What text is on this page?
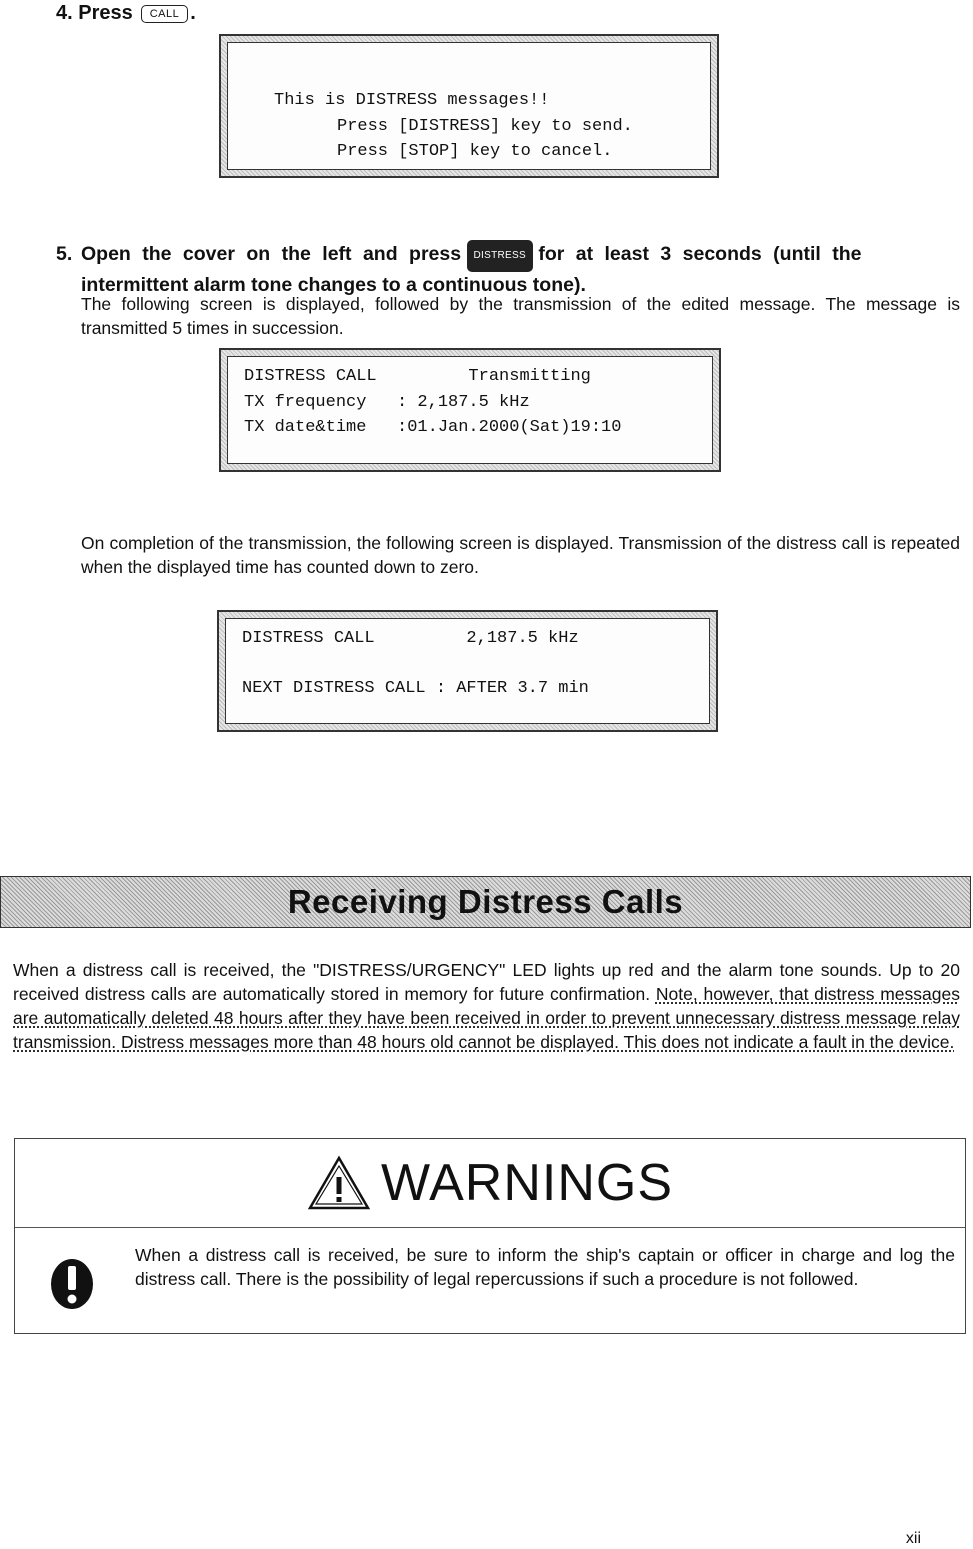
4. Press	CALL .

This is DISTRESS messages!!

Press [DISTRESS] key to send.

Press [STOP] key to cancel.

5. Open the cover on the left and press DISTRESS for at least 3 seconds (until the
intermittent alarm tone changes to a continuous tone).
The following screen is displayed, followed by the transmission of the edited message. The message is transmitted 5 times in succession.

DISTRESS CALL         Transmitting

TX frequency   : 2,187.5 kHz

TX date&time   :01.Jan.2000(Sat)19:10

On completion of the transmission, the following screen is displayed. Transmission of the distress call is repeated when the displayed time has counted down to zero.

DISTRESS CALL         2,187.5 kHz

NEXT DISTRESS CALL : AFTER 3.7 min

Receiving Distress Calls
When a distress call is received, the "DISTRESS/URGENCY" LED lights up red and the alarm tone sounds. Up to 20 received distress calls are automatically stored in memory for future confirmation. Note, however, that distress messages are automatically deleted 48 hours after they have been received in order to prevent unnecessary distress message relay transmission. Distress messages more than 48 hours old cannot be displayed. This does not indicate a fault in the device.
WARNINGS
When a distress call is received, be sure to inform the ship's captain or officer in charge and log the distress call. There is the possibility of legal repercussions if such a procedure is not followed.
xii
